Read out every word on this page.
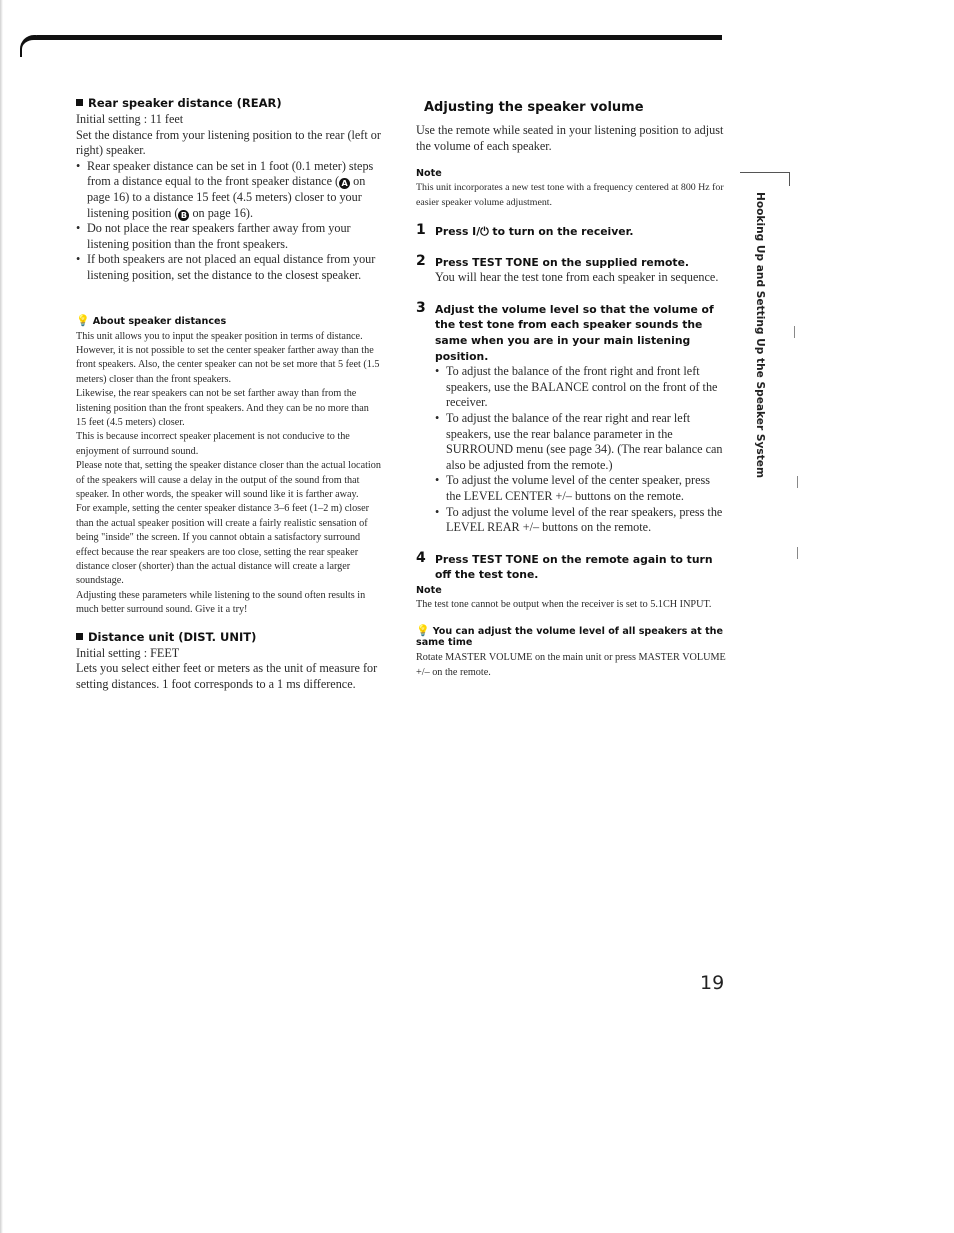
Rear speaker distance (REAR)

Initial setting : 11 feet

Set the distance from your listening position to the rear (left or right) speaker.

• Rear speaker distance can be set in 1 foot (0.1 meter) steps from a distance equal to the front speaker distance ( A on page 16) to a distance 15 feet (4.5 meters) closer to your listening position ( B on page 16).
• Do not place the rear speakers farther away from your listening position than the front speakers.
• If both speakers are not placed an equal distance from your listening position, set the distance to the closest speaker.

💡 About speaker distances

This unit allows you to input the speaker position in terms of distance. However, it is not possible to set the center speaker farther away than the front speakers. Also, the center speaker can not be set more that 5 feet (1.5 meters) closer than the front speakers.

Likewise, the rear speakers can not be set farther away than from the listening position than the front speakers. And they can be no more than 15 feet (4.5 meters) closer.

This is because incorrect speaker placement is not conducive to the enjoyment of surround sound.

Please note that, setting the speaker distance closer than the actual location of the speakers will cause a delay in the output of the sound from that speaker. In other words, the speaker will sound like it is farther away.

For example, setting the center speaker distance 3–6 feet (1–2 m) closer than the actual speaker position will create a fairly realistic sensation of being "inside" the screen. If you cannot obtain a satisfactory surround effect because the rear speakers are too close, setting the rear speaker distance closer (shorter) than the actual distance will create a larger soundstage.

Adjusting these parameters while listening to the sound often results in much better surround sound. Give it a try!

Distance unit (DIST. UNIT)

Initial setting : FEET

Lets you select either feet or meters as the unit of measure for setting distances. 1 foot corresponds to a 1 ms difference.

Adjusting the speaker volume

Use the remote while seated in your listening position to adjust the volume of each speaker.

Note

This unit incorporates a new test tone with a frequency centered at 800 Hz for easier speaker volume adjustment.

1 Press I/⏻ to turn on the receiver.

2 Press TEST TONE on the supplied remote.

You will hear the test tone from each speaker in sequence.

3 Adjust the volume level so that the volume of the test tone from each speaker sounds the same when you are in your main listening position.

• To adjust the balance of the front right and front left speakers, use the BALANCE control on the front of the receiver.
• To adjust the balance of the rear right and rear left speakers, use the rear balance parameter in the SURROUND menu (see page 34). (The rear balance can also be adjusted from the remote.)
• To adjust the volume level of the center speaker, press the LEVEL CENTER +/– buttons on the remote.
• To adjust the volume level of the rear speakers, press the LEVEL REAR +/– buttons on the remote.
4 Press TEST TONE on the remote again to turn off the test tone.

Note

The test tone cannot be output when the receiver is set to 5.1CH INPUT.

💡 You can adjust the volume level of all speakers at the same time

Rotate MASTER VOLUME on the main unit or press MASTER VOLUME +/– on the remote.

Hooking Up and Setting Up the Speaker System
19
